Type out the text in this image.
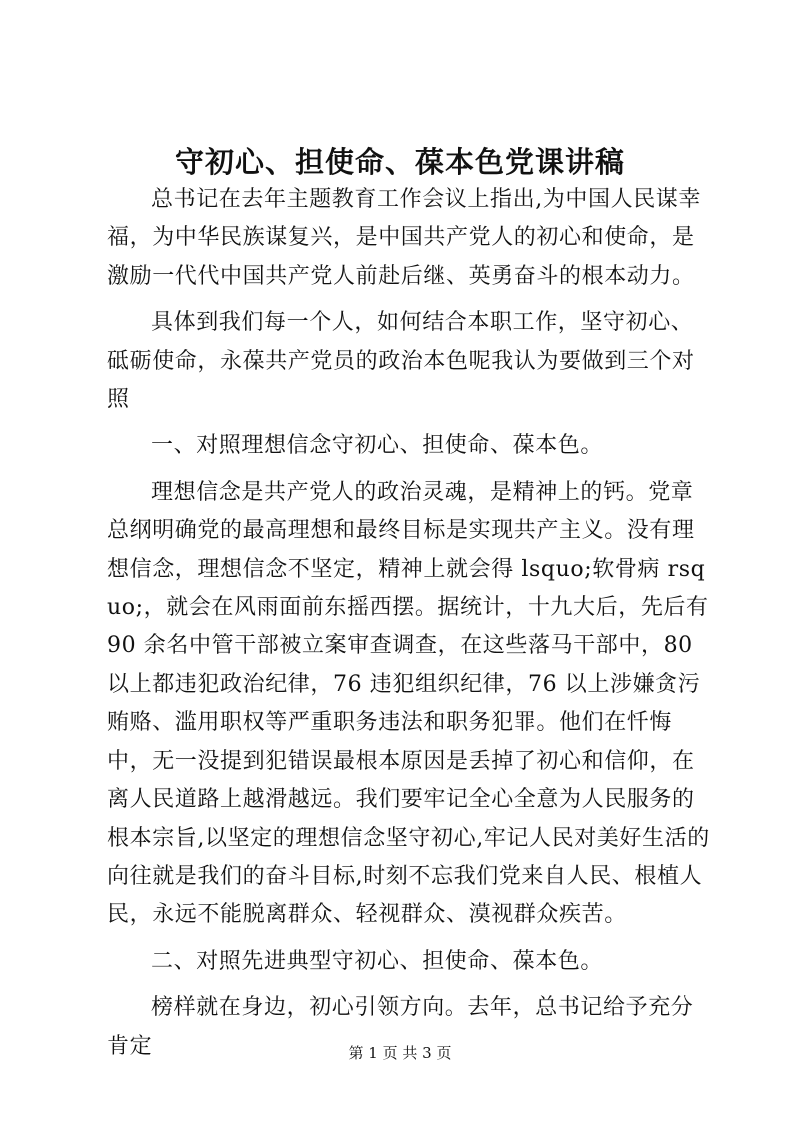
守初心、担使命、葆本色党课讲稿

总书记在去年主题教育工作会议上指出,为中国人民谋幸福，为中华民族谋复兴，是中国共产党人的初心和使命，是激励一代代中国共产党人前赴后继、英勇奋斗的根本动力。

具体到我们每一个人，如何结合本职工作，坚守初心、砥砺使命，永葆共产党员的政治本色呢我认为要做到三个对照

一、对照理想信念守初心、担使命、葆本色。

理想信念是共产党人的政治灵魂，是精神上的钙。党章总纲明确党的最高理想和最终目标是实现共产主义。没有理想信念，理想信念不坚定，精神上就会得 lsquo;软骨病 rsquo;，就会在风雨面前东摇西摆。据统计，十九大后，先后有 90 余名中管干部被立案审查调查，在这些落马干部中，80 以上都违犯政治纪律，76 违犯组织纪律，76 以上涉嫌贪污贿赂、滥用职权等严重职务违法和职务犯罪。他们在忏悔中，无一没提到犯错误最根本原因是丢掉了初心和信仰，在离人民道路上越滑越远。我们要牢记全心全意为人民服务的根本宗旨,以坚定的理想信念坚守初心,牢记人民对美好生活的向往就是我们的奋斗目标,时刻不忘我们党来自人民、根植人民，永远不能脱离群众、轻视群众、漠视群众疾苦。

二、对照先进典型守初心、担使命、葆本色。

榜样就在身边，初心引领方向。去年，总书记给予充分肯定	第 1 页 共 3 页
